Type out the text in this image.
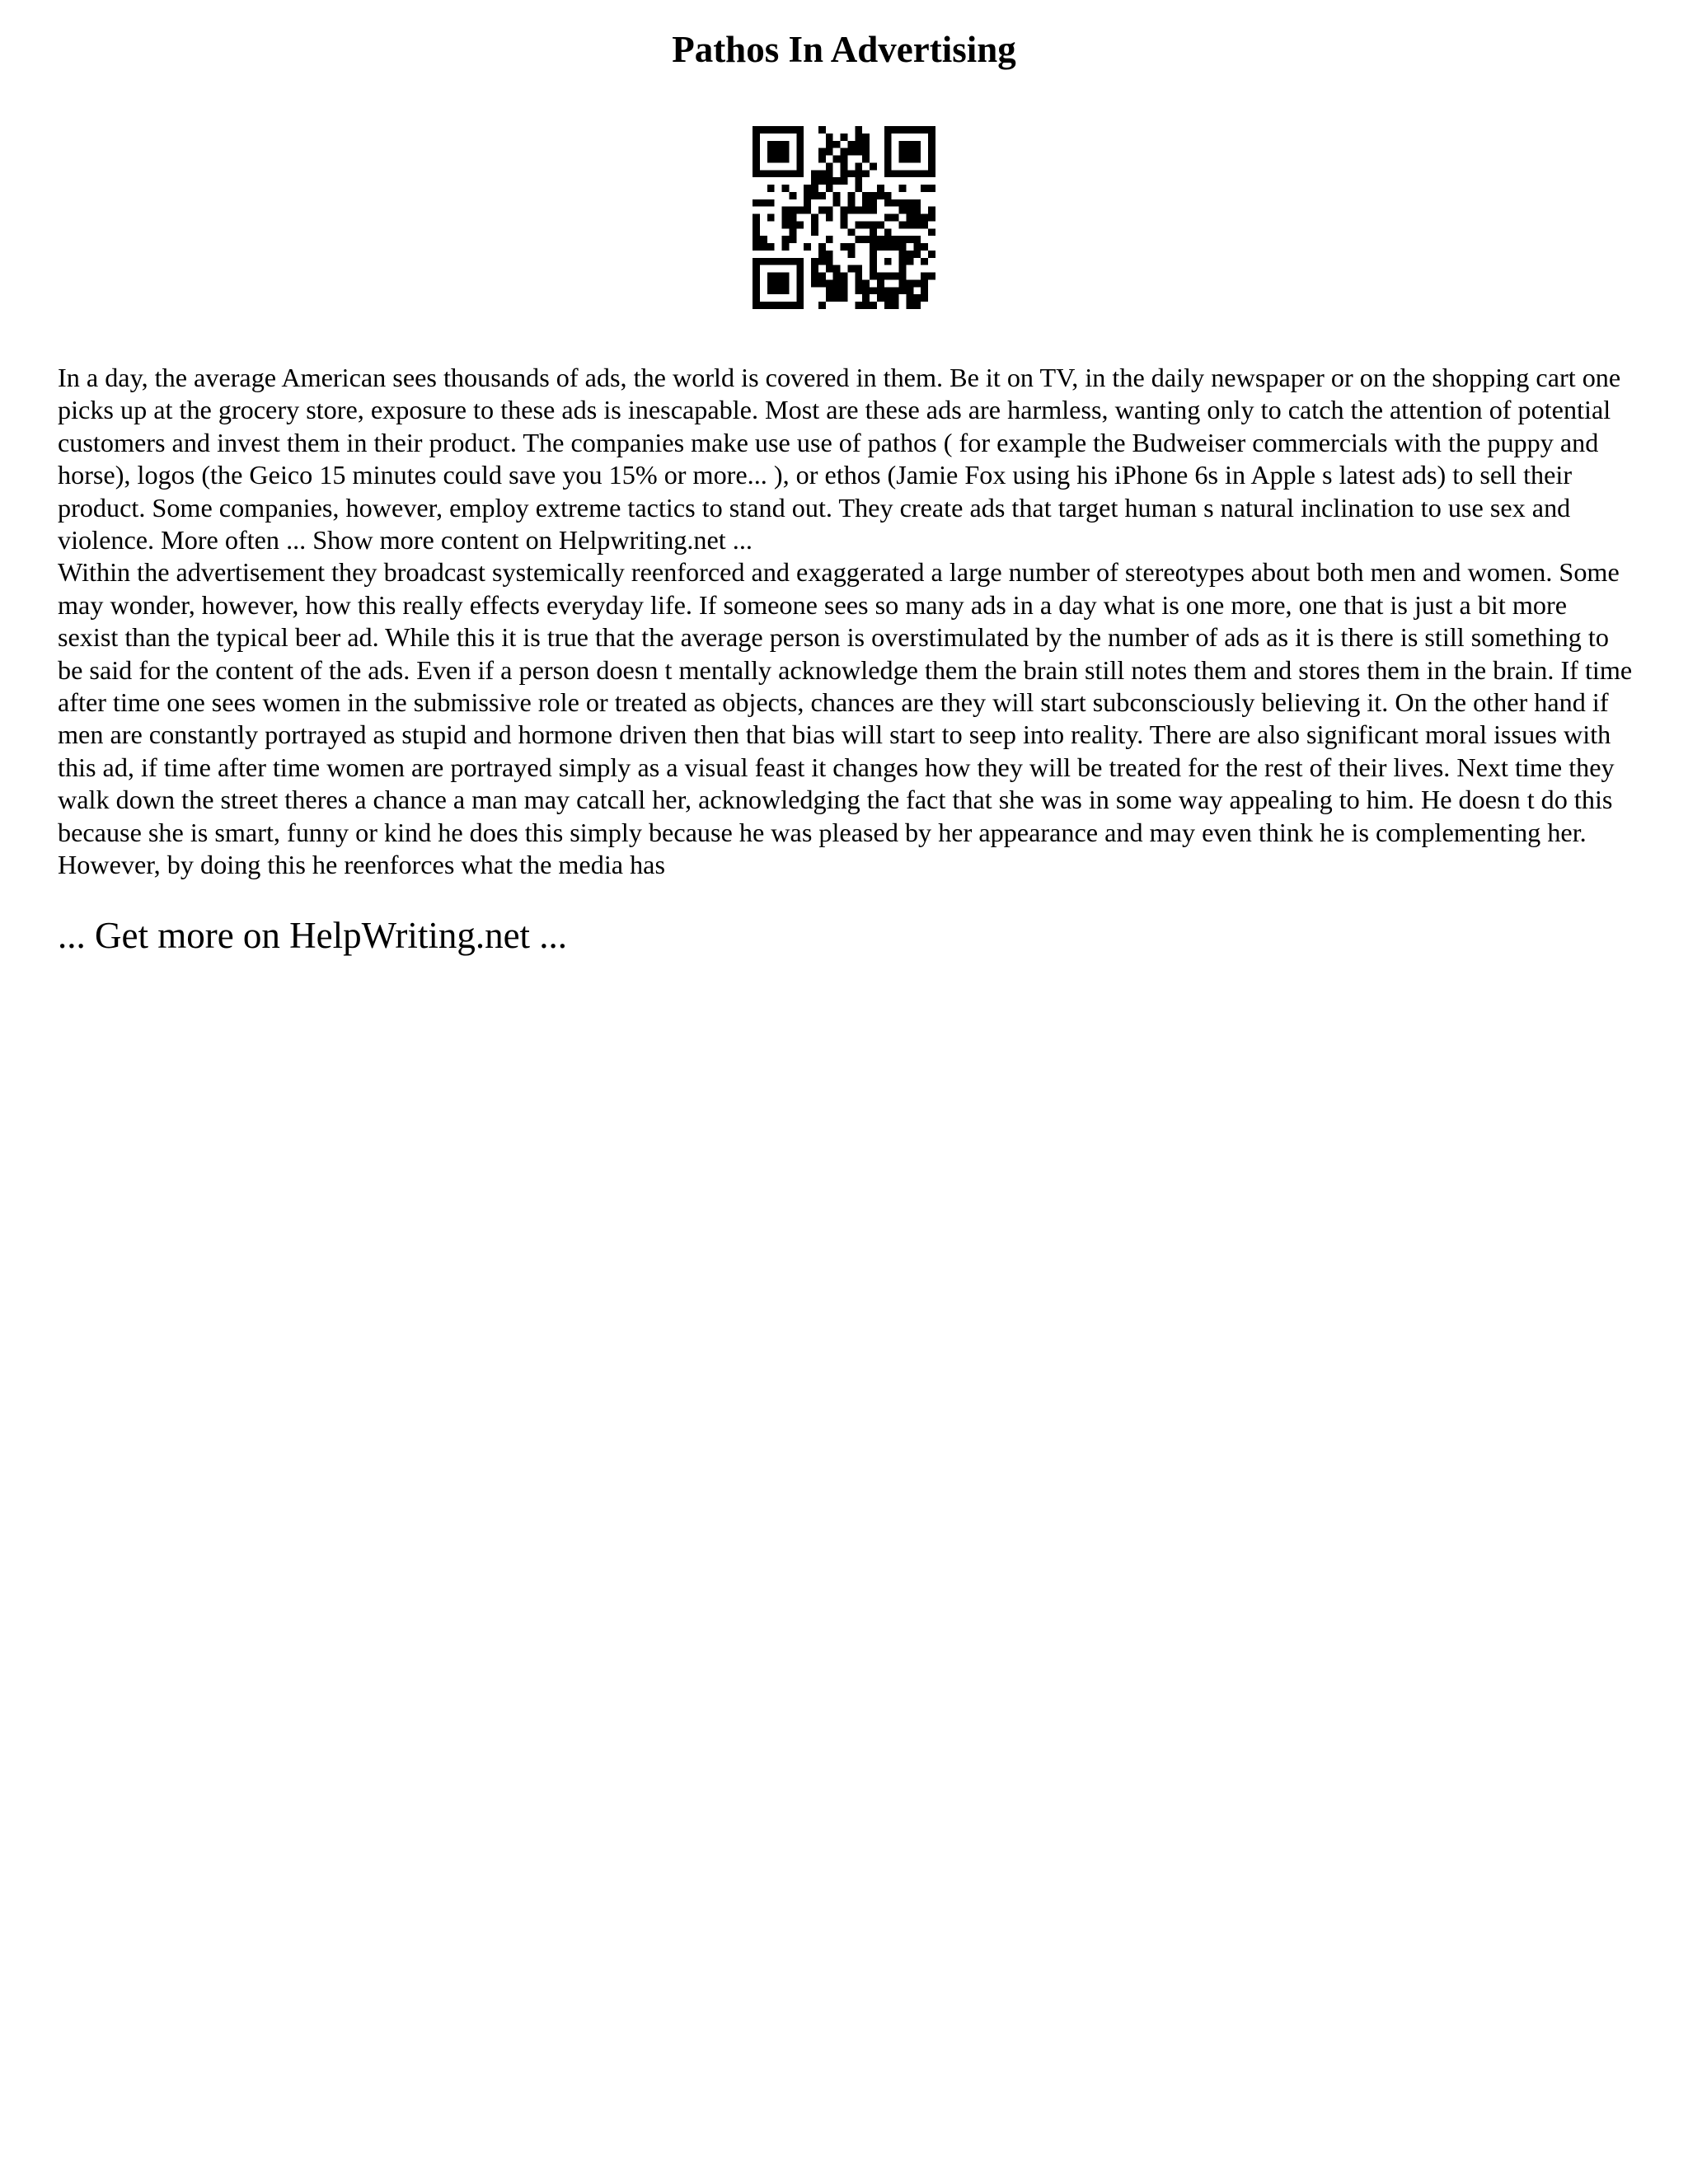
Pathos In Advertising

In a day, the average American sees thousands of ads, the world is covered in them. Be it on TV, in the daily newspaper or on the shopping cart one picks up at the grocery store, exposure to these ads is inescapable. Most are these ads are harmless, wanting only to catch the attention of potential customers and invest them in their product. The companies make use use of pathos ( for example the Budweiser commercials with the puppy and horse), logos (the Geico 15 minutes could save you 15% or more... ), or ethos (Jamie Fox using his iPhone 6s in Apple s latest ads) to sell their product. Some companies, however, employ extreme tactics to stand out. They create ads that target human s natural inclination to use sex and violence. More often ... Show more content on Helpwriting.net ...

Within the advertisement they broadcast systemically reenforced and exaggerated a large number of stereotypes about both men and women. Some may wonder, however, how this really effects everyday life. If someone sees so many ads in a day what is one more, one that is just a bit more sexist than the typical beer ad. While this it is true that the average person is overstimulated by the number of ads as it is there is still something to be said for the content of the ads. Even if a person doesn t mentally acknowledge them the brain still notes them and stores them in the brain. If time after time one sees women in the submissive role or treated as objects, chances are they will start subconsciously believing it. On the other hand if men are constantly portrayed as stupid and hormone driven then that bias will start to seep into reality. There are also significant moral issues with this ad, if time after time women are portrayed simply as a visual feast it changes how they will be treated for the rest of their lives. Next time they walk down the street theres a chance a man may catcall her, acknowledging the fact that she was in some way appealing to him. He doesn t do this because she is smart, funny or kind he does this simply because he was pleased by her appearance and may even think he is complementing her. However, by doing this he reenforces what the media has

... Get more on HelpWriting.net ...
